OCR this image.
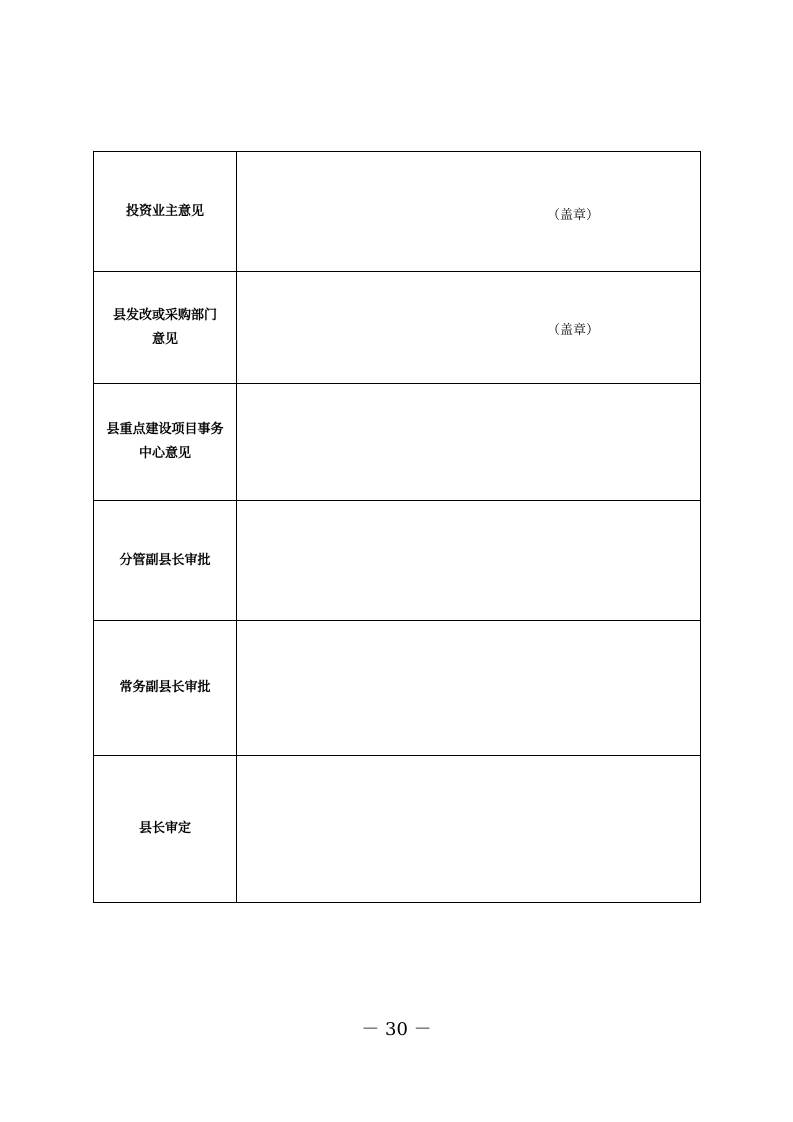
投资业主意见	（盖章）

县发改或采购部门
意见	（盖章）

县重点建设项目事务
中心意见	

分管副县长审批	

常务副县长审批	

县长审定	

－ 30 －
